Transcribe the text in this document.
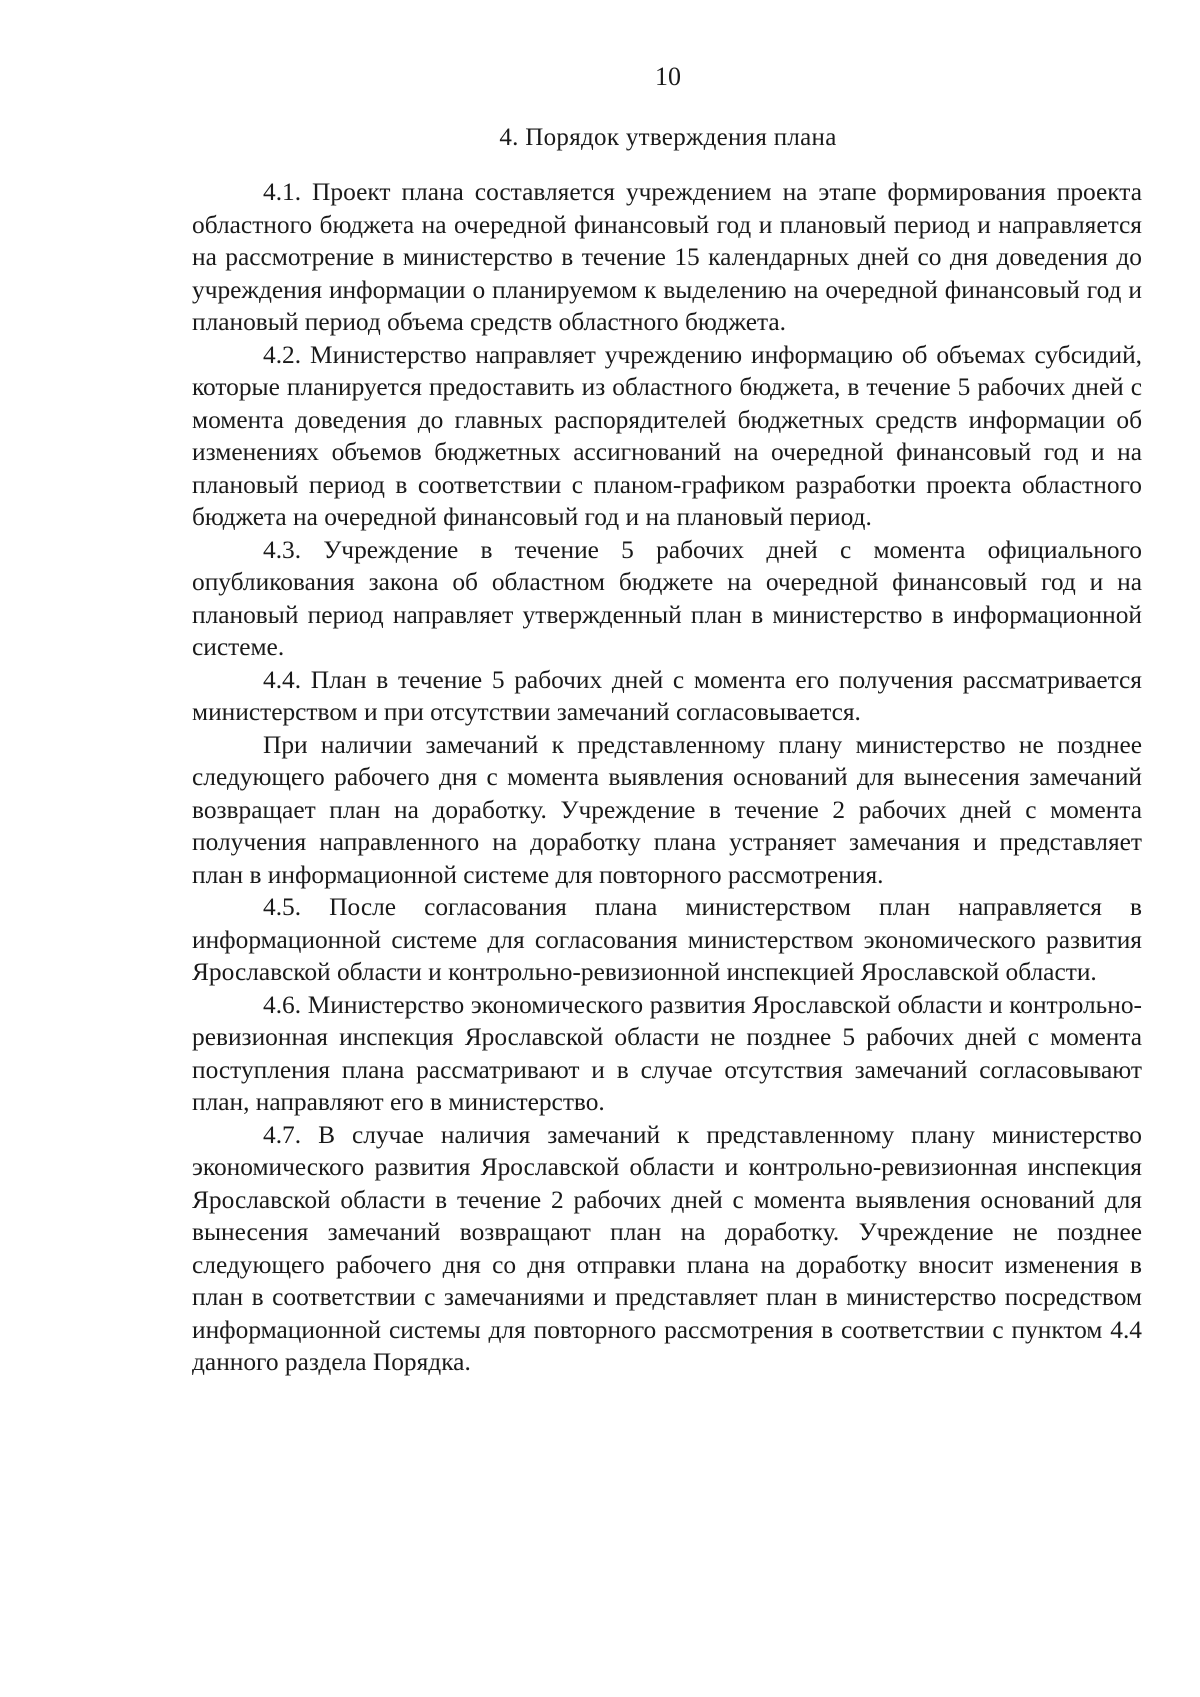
10
4. Порядок утверждения плана

4.1. Проект плана составляется учреждением на этапе формирования проекта областного бюджета на очередной финансовый год и плановый период и направляется на рассмотрение в министерство в течение 15 календарных дней со дня доведения до учреждения информации о планируемом к выделению на очередной финансовый год и плановый период объема средств областного бюджета.

4.2. Министерство направляет учреждению информацию об объемах субсидий, которые планируется предоставить из областного бюджета, в течение 5 рабочих дней с момента доведения до главных распорядителей бюджетных средств информации об изменениях объемов бюджетных ассигнований на очередной финансовый год и на плановый период в соответствии с планом-графиком разработки проекта областного бюджета на очередной финансовый год и на плановый период.

4.3. Учреждение в течение 5 рабочих дней с момента официального опубликования закона об областном бюджете на очередной финансовый год и на плановый период направляет утвержденный план в министерство в информационной системе.

4.4. План в течение 5 рабочих дней с момента его получения рассматривается министерством и при отсутствии замечаний согласовывается.

При наличии замечаний к представленному плану министерство не позднее следующего рабочего дня с момента выявления оснований для вынесения замечаний возвращает план на доработку. Учреждение в течение 2 рабочих дней с момента получения направленного на доработку плана устраняет замечания и представляет план в информационной системе для повторного рассмотрения.

4.5. После согласования плана министерством план направляется в информационной системе для согласования министерством экономического развития Ярославской области и контрольно-ревизионной инспекцией Ярославской области.

4.6. Министерство экономического развития Ярославской области и контрольно-ревизионная инспекция Ярославской области не позднее 5 рабочих дней с момента поступления плана рассматривают и в случае отсутствия замечаний согласовывают план, направляют его в министерство.

4.7. В случае наличия замечаний к представленному плану министерство экономического развития Ярославской области и контрольно-ревизионная инспекция Ярославской области в течение 2 рабочих дней с момента выявления оснований для вынесения замечаний возвращают план на доработку. Учреждение не позднее следующего рабочего дня со дня отправки плана на доработку вносит изменения в план в соответствии с замечаниями и представляет план в министерство посредством информационной системы для повторного рассмотрения в соответствии с пунктом 4.4 данного раздела Порядка.
